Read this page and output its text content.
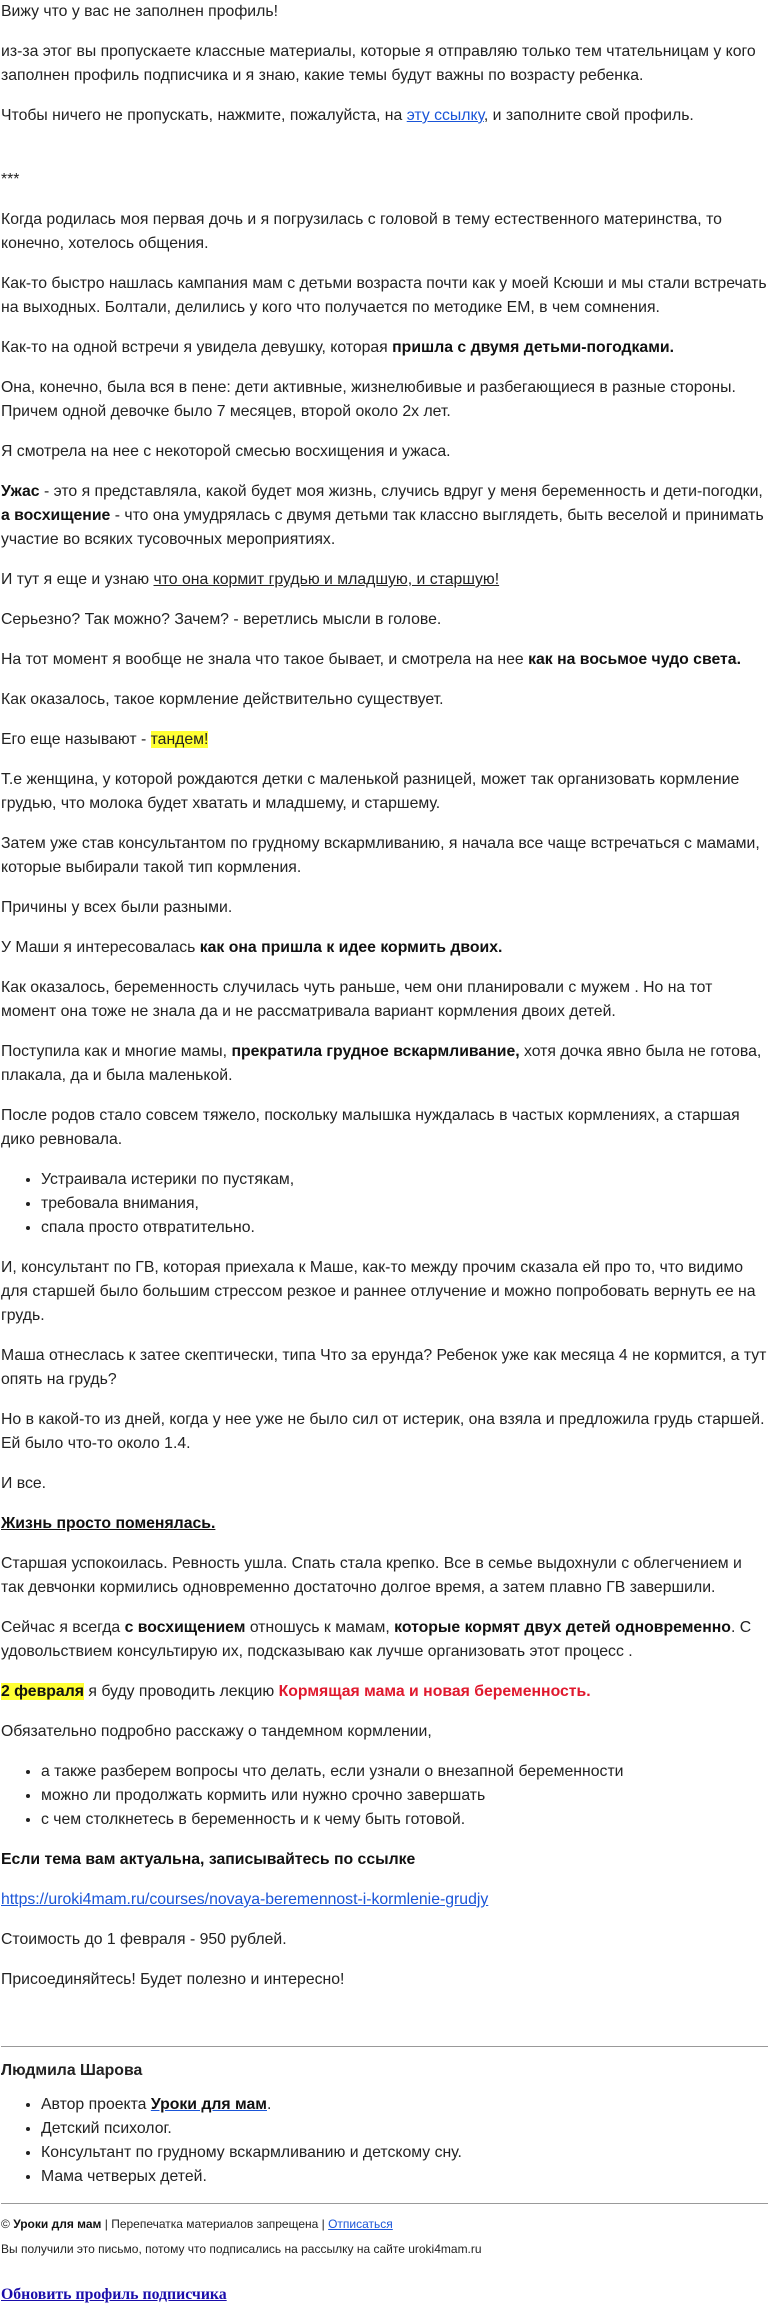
Вижу что у вас не заполнен профиль!

из-за этог вы пропускаете классные материалы, которые я отправляю только тем чтательницам у кого заполнен профиль подписчика и я знаю, какие темы будут важны по возрасту ребенка.

Чтобы ничего не пропускать, нажмите, пожалуйста, на эту ссылку, и заполните свой профиль.

***

Когда родилась моя первая дочь и я погрузилась с головой в тему естественного материнства, то конечно, хотелось общения.

Как-то быстро нашлась кампания мам с детьми возраста почти как у моей Ксюши и мы стали встречать на выходных. Болтали, делились у кого что получается по методике ЕМ, в чем сомнения.

Как-то на одной встречи я увидела девушку, которая пришла с двумя детьми-погодками.

Она, конечно, была вся в пене: дети активные, жизнелюбивые и разбегающиеся в разные стороны. Причем одной девочке было 7 месяцев, второй около 2х лет.

Я смотрела на нее с некоторой смесью восхищения и ужаса.

Ужас - это я представляла, какой будет моя жизнь, случись вдруг у меня беременность и дети-погодки, а восхищение - что она умудрялась с двумя детьми так классно выглядеть, быть веселой и принимать участие во всяких тусовочных мероприятиях.

И тут я еще и узнаю что она кормит грудью и младшую, и старшую!

Серьезно? Так можно? Зачем? - веретлись мысли в голове.

На тот момент я вообще не знала что такое бывает, и смотрела на нее как на восьмое чудо света.

Как оказалось, такое кормление действительно существует.

Его еще называют - тандем!

Т.е женщина, у которой рождаются детки с маленькой разницей, может так организовать кормление грудью, что молока будет хватать и младшему, и старшему.

Затем уже став консультантом по грудному вскармливанию, я начала все чаще встречаться с мамами, которые выбирали такой тип кормления.

Причины у всех были разными.

У Маши я интересовалась как она пришла к идее кормить двоих.

Как оказалось, беременность случилась чуть раньше, чем они планировали с мужем . Но на тот момент она тоже не знала да и не рассматривала вариант кормления двоих детей.

Поступила как и многие мамы, прекратила грудное вскармливание, хотя дочка явно была не готова, плакала, да и была маленькой.

После родов стало совсем тяжело, поскольку малышка нуждалась в частых кормлениях, а старшая дико ревновала.

• Устраивала истерики по пустякам,
• требовала внимания,
• спала просто отвратительно.

И, консультант по ГВ, которая приехала к Маше, как-то между прочим сказала ей про то, что видимо для старшей было большим стрессом резкое и раннее отлучение и можно попробовать вернуть ее на грудь.

Маша отнеслась к затее скептически, типа Что за ерунда? Ребенок уже как месяца 4 не кормится, а тут опять на грудь?

Но в какой-то из дней, когда у нее уже не было сил от истерик, она взяла и предложила грудь старшей. Ей было что-то около 1.4.

И все.

Жизнь просто поменялась.

Старшая успокоилась. Ревность ушла. Спать стала крепко. Все в семье выдохнули с облегчением и так девчонки кормились одновременно достаточно долгое время, а затем плавно ГВ завершили.

Сейчас я всегда с восхищением отношусь к мамам, которые кормят двух детей одновременно. С удовольствием консультирую их, подсказываю как лучше организовать этот процесс .

2 февраля я буду проводить лекцию Кормящая мама и новая беременность.

Обязательно подробно расскажу о тандемном кормлении,

• а также разберем вопросы что делать, если узнали о внезапной беременности
• можно ли продолжать кормить или нужно срочно завершать
• с чем столкнетесь в беременность и к чему быть готовой.

Если тема вам актуальна, записывайтесь по ссылке

https://uroki4mam.ru/courses/novaya-beremennost-i-kormlenie-grudjy

Стоимость до 1 февраля - 950 рублей.

Присоединяйтесь! Будет полезно и интересно!

Людмила Шарова

• Автор проекта Уроки для мам.
• Детский психолог.
• Консультант по грудному вскармливанию и детскому сну.
• Мама четверых детей.
© Уроки для мам | Перепечатка материалов запрещена | Отписаться
Вы получили это письмо, потому что подписались на рассылку на сайте uroki4mam.ru
Обновить профиль подписчика
